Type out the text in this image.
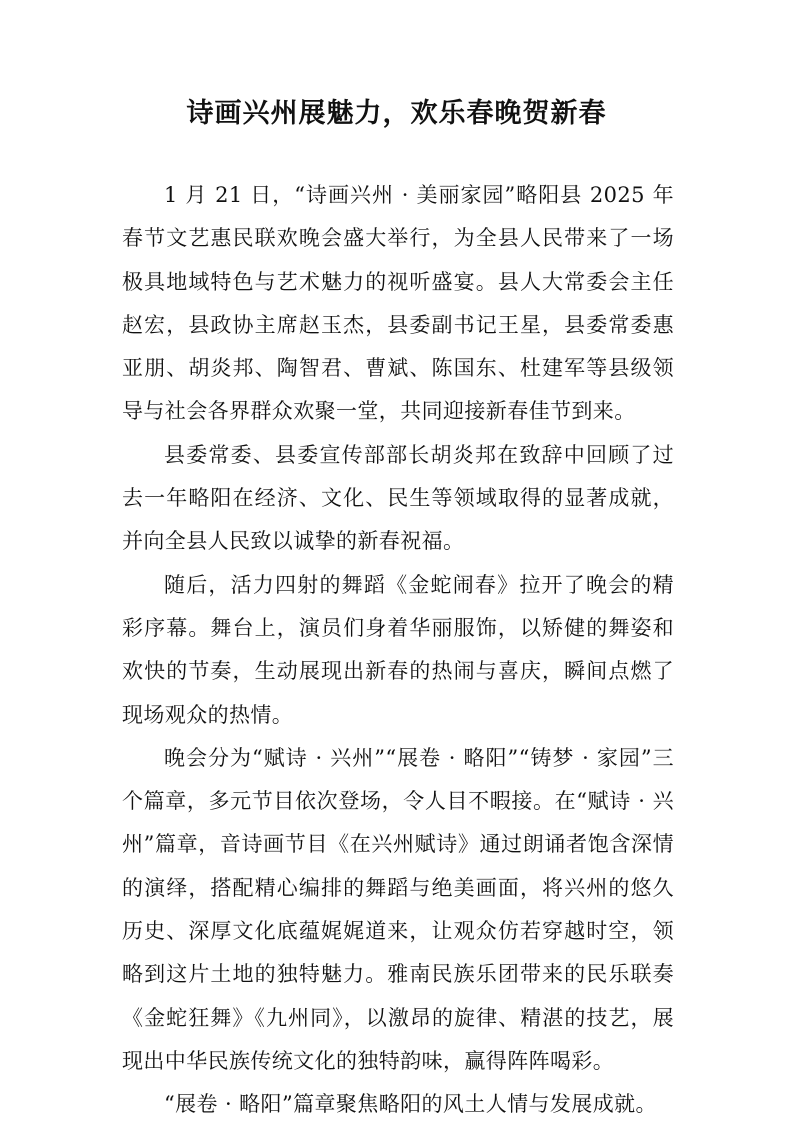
诗画兴州展魅力，欢乐春晚贺新春

1 月 21 日，“诗画兴州 · 美丽家园”略阳县 2025 年春节文艺惠民联欢晚会盛大举行，为全县人民带来了一场极具地域特色与艺术魅力的视听盛宴。县人大常委会主任赵宏，县政协主席赵玉杰，县委副书记王星，县委常委惠亚朋、胡炎邦、陶智君、曹斌、陈国东、杜建军等县级领导与社会各界群众欢聚一堂，共同迎接新春佳节到来。

县委常委、县委宣传部部长胡炎邦在致辞中回顾了过去一年略阳在经济、文化、民生等领域取得的显著成就，并向全县人民致以诚挚的新春祝福。

随后，活力四射的舞蹈《金蛇闹春》拉开了晚会的精彩序幕。舞台上，演员们身着华丽服饰，以矫健的舞姿和欢快的节奏，生动展现出新春的热闹与喜庆，瞬间点燃了现场观众的热情。

晚会分为“赋诗 · 兴州”“展卷 · 略阳”“铸梦 · 家园”三个篇章，多元节目依次登场，令人目不暇接。在“赋诗 · 兴州”篇章，音诗画节目《在兴州赋诗》通过朗诵者饱含深情的演绎，搭配精心编排的舞蹈与绝美画面，将兴州的悠久历史、深厚文化底蕴娓娓道来，让观众仿若穿越时空，领略到这片土地的独特魅力。雅南民族乐团带来的民乐联奏《金蛇狂舞》《九州同》，以激昂的旋律、精湛的技艺，展现出中华民族传统文化的独特韵味，赢得阵阵喝彩。

“展卷 · 略阳”篇章聚焦略阳的风土人情与发展成就。
